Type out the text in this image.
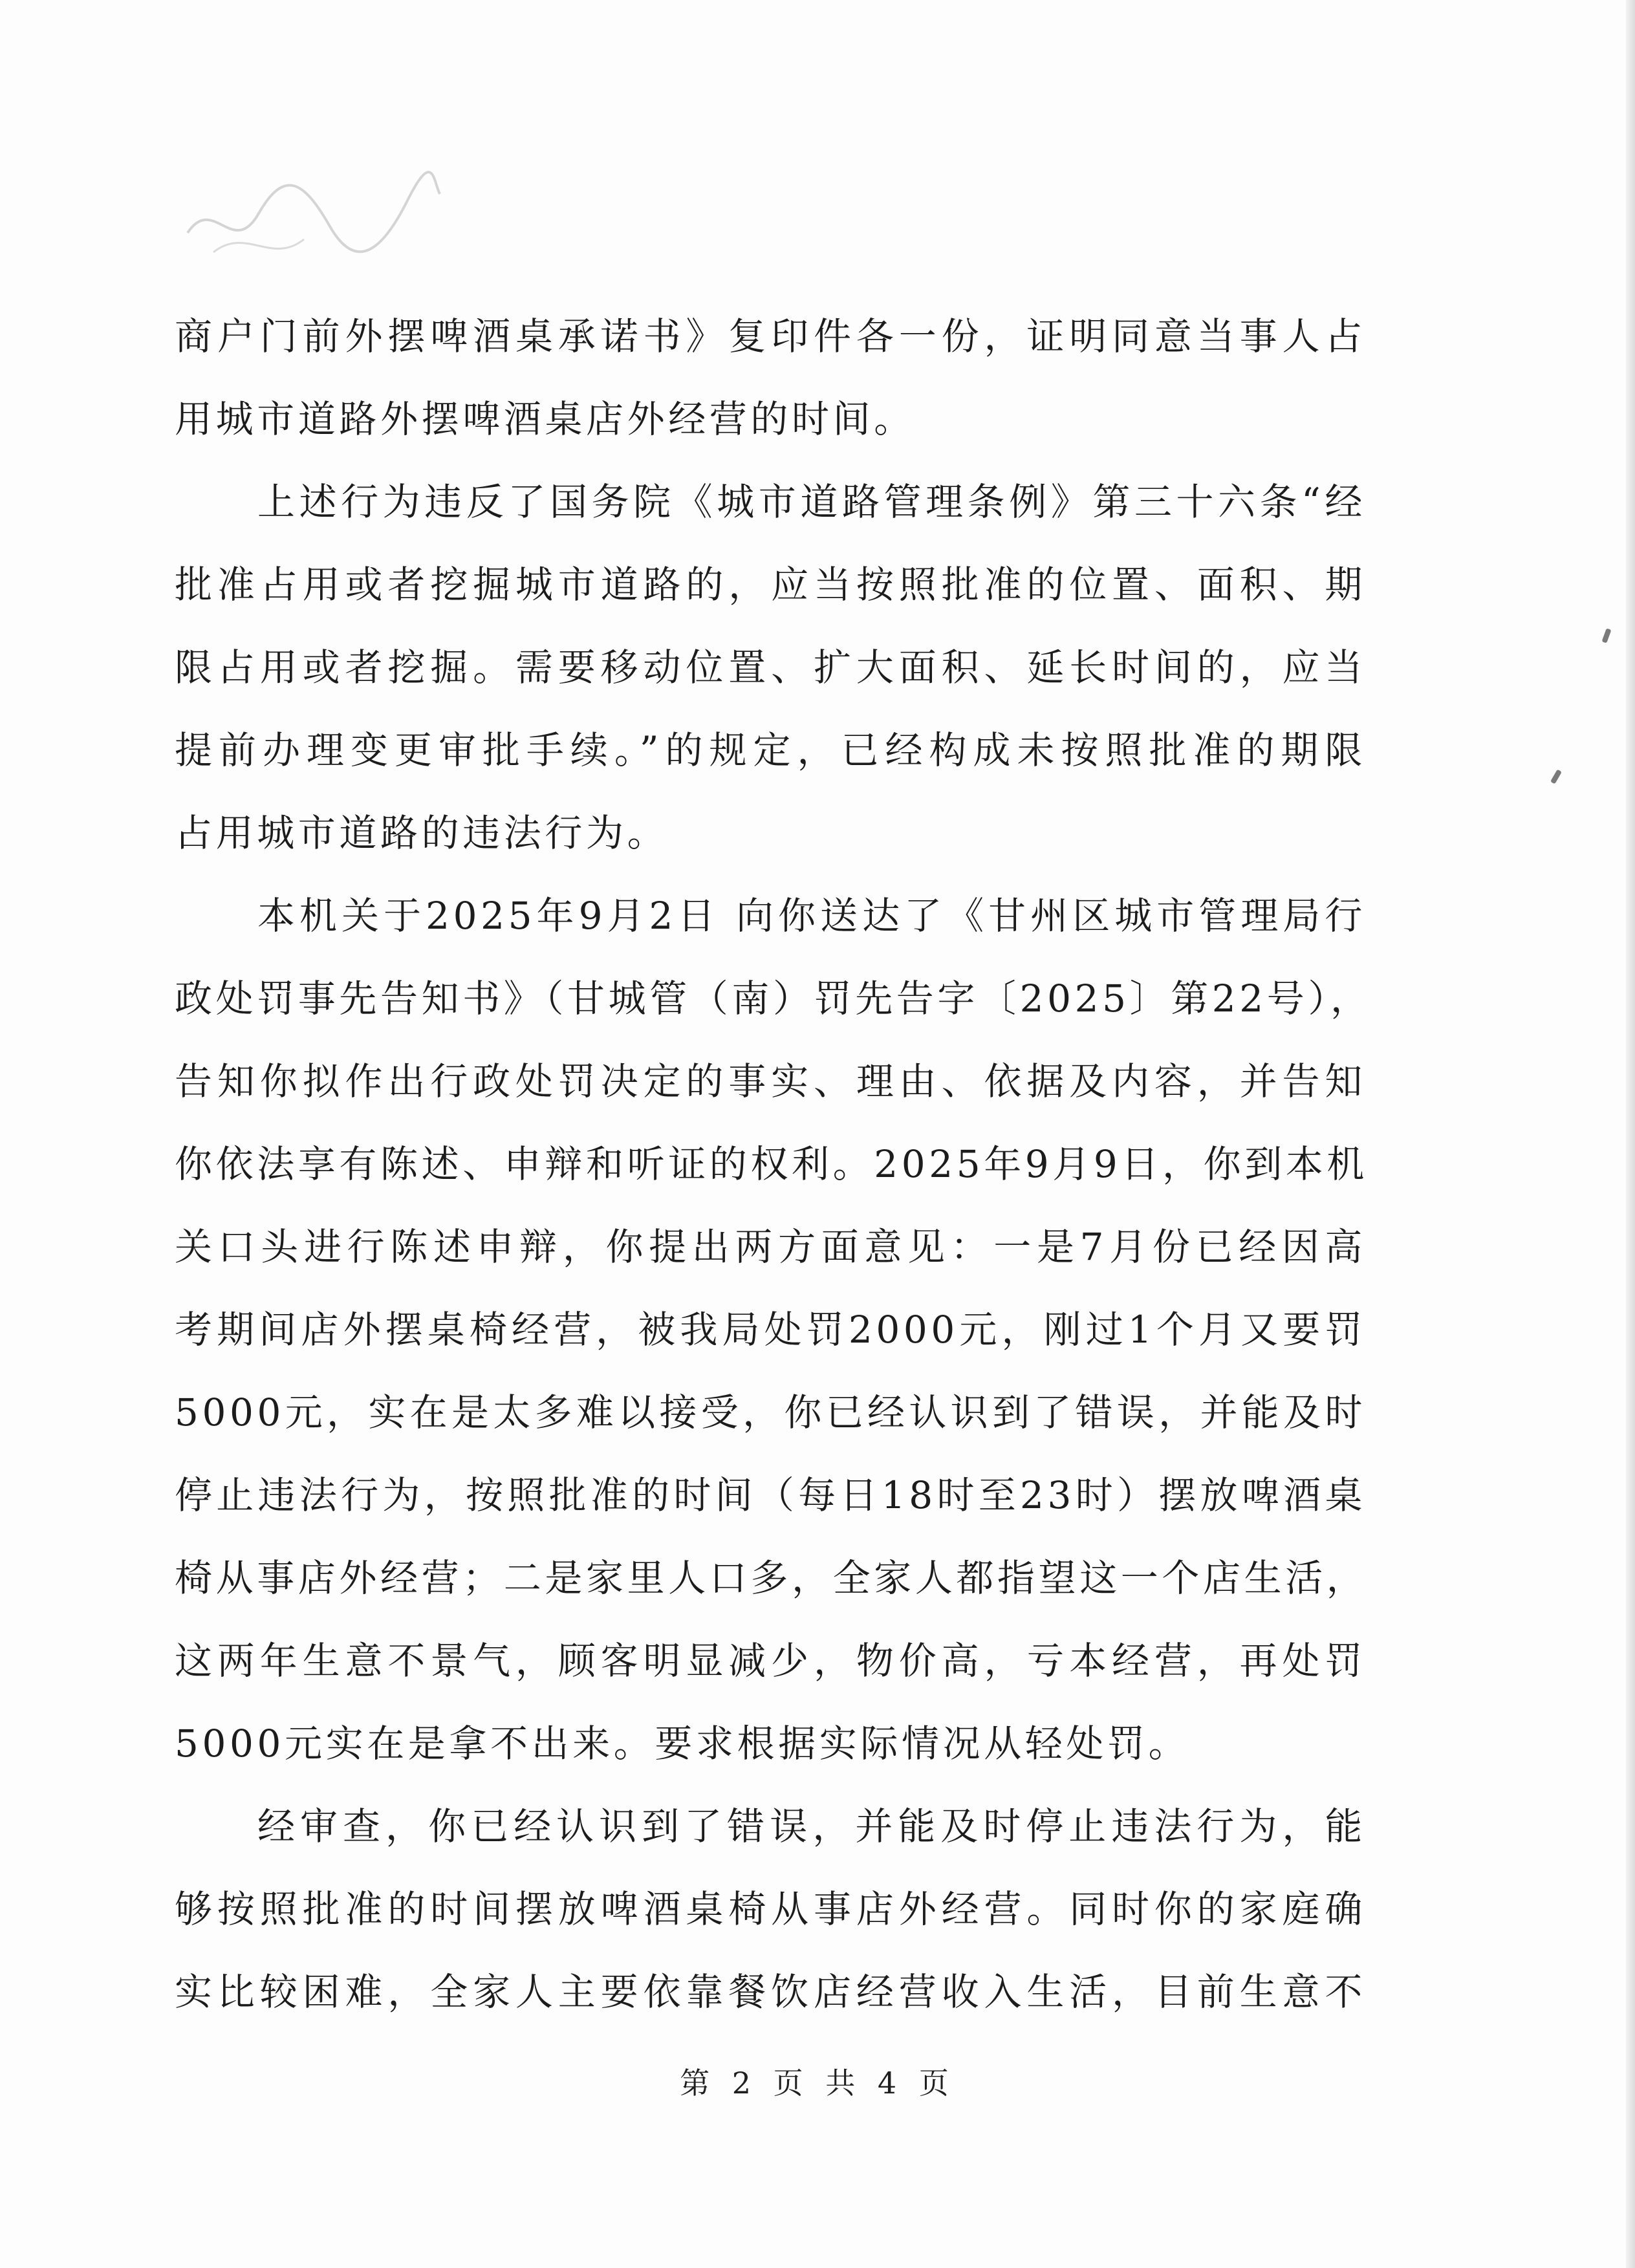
商户门前外摆啤酒桌承诺书》复印件各一份，证明同意当事人占
用城市道路外摆啤酒桌店外经营的时间。
上述行为违反了国务院《城市道路管理条例》第三十六条“经
批准占用或者挖掘城市道路的，应当按照批准的位置、面积、期
限占用或者挖掘。需要移动位置、扩大面积、延长时间的，应当
提前办理变更审批手续。”的规定，已经构成未按照批准的期限
占用城市道路的违法行为。
本机关于2025年9月2日 向你送达了《甘州区城市管理局行
政处罚事先告知书》（甘城管（南）罚先告字〔2025〕第22号），
告知你拟作出行政处罚决定的事实、理由、依据及内容，并告知
你依法享有陈述、申辩和听证的权利。2025年9月9日，你到本机
关口头进行陈述申辩，你提出两方面意见：一是7月份已经因高
考期间店外摆桌椅经营，被我局处罚2000元，刚过1个月又要罚
5000元，实在是太多难以接受，你已经认识到了错误，并能及时
停止违法行为，按照批准的时间（每日18时至23时）摆放啤酒桌
椅从事店外经营；二是家里人口多，全家人都指望这一个店生活，
这两年生意不景气，顾客明显减少，物价高，亏本经营，再处罚
5000元实在是拿不出来。要求根据实际情况从轻处罚。
经审查，你已经认识到了错误，并能及时停止违法行为，能
够按照批准的时间摆放啤酒桌椅从事店外经营。同时你的家庭确
实比较困难，全家人主要依靠餐饮店经营收入生活，目前生意不
第 2 页 共 4 页
